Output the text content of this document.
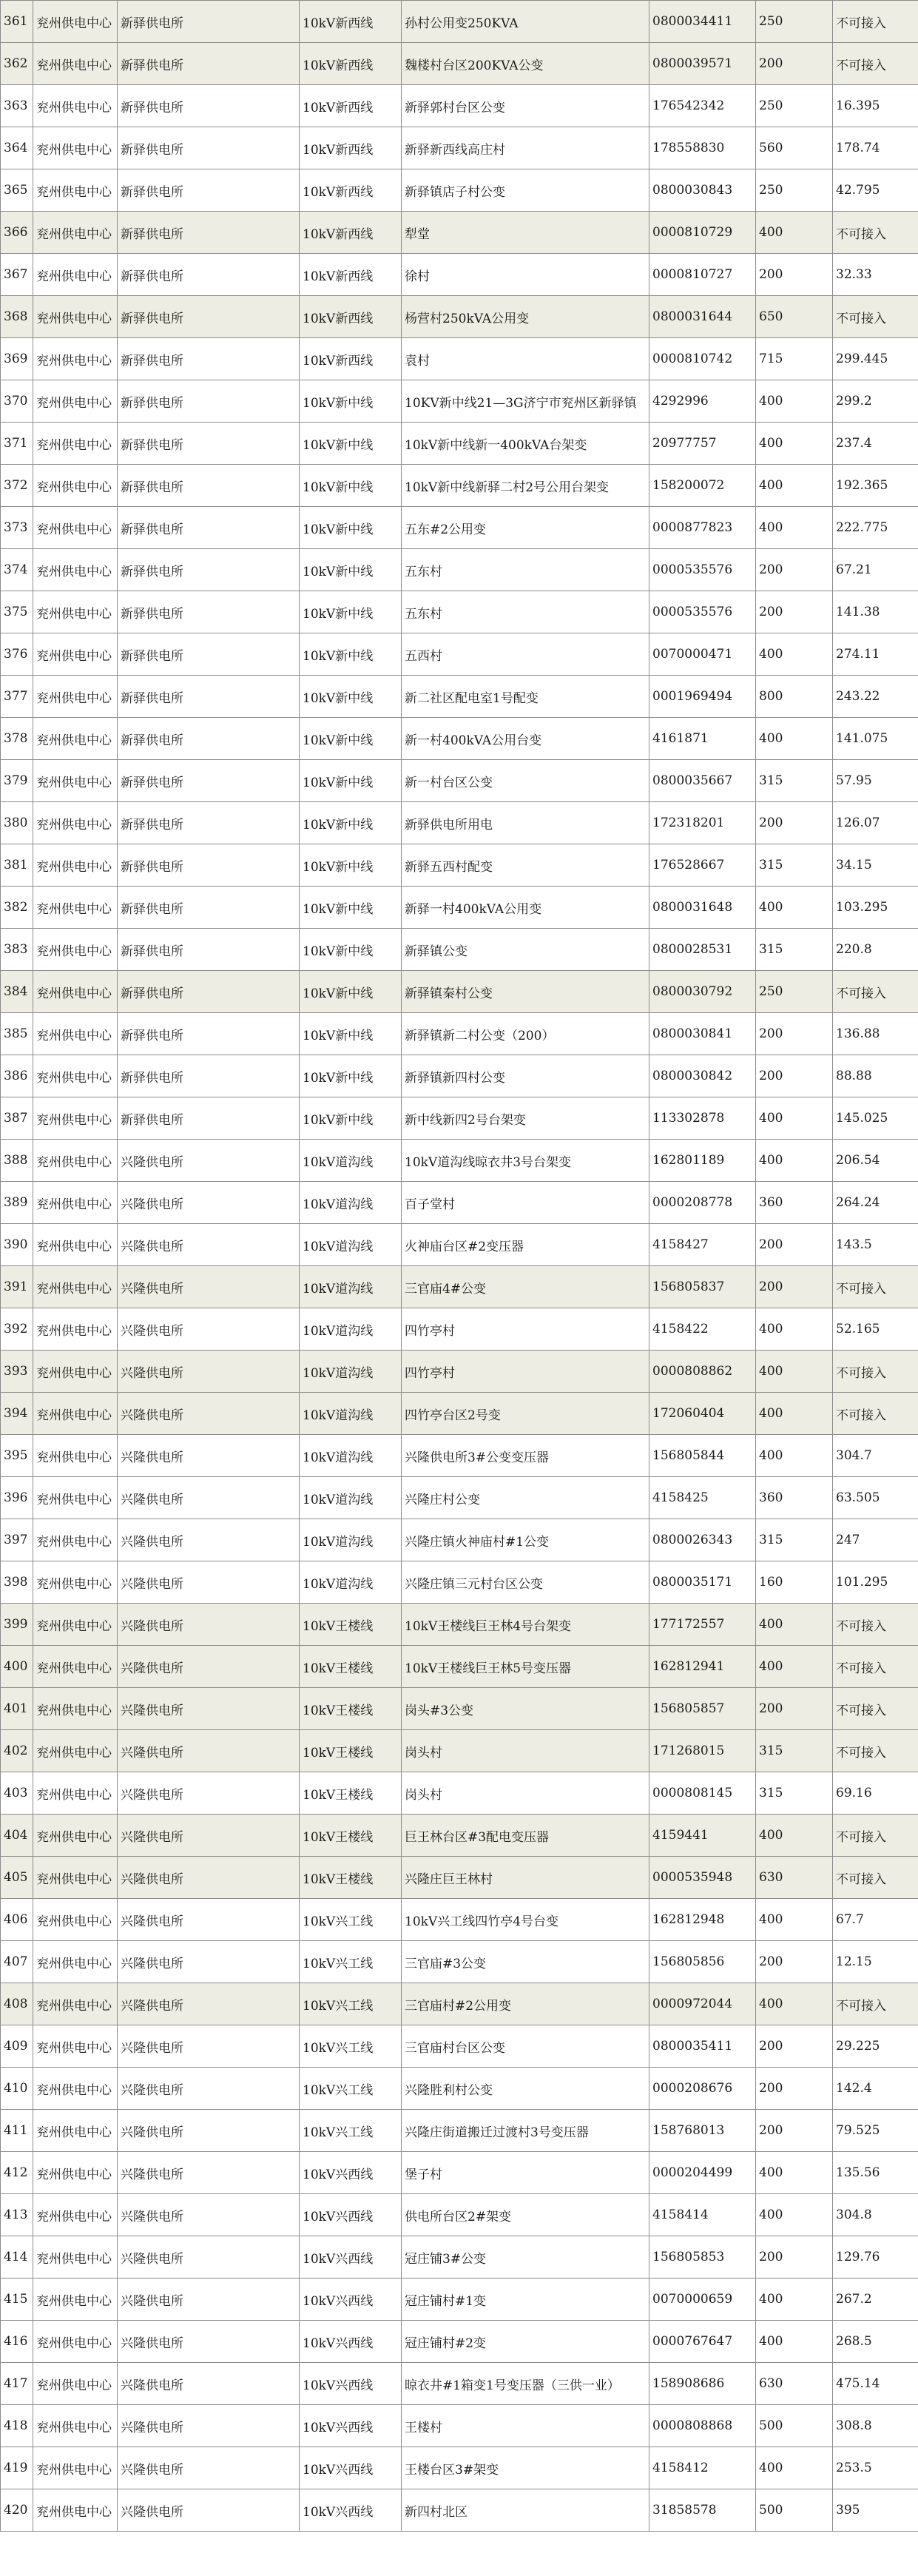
361	兖州供电中心	新驿供电所	10kV新西线	孙村公用变250KVA	0800034411	250	不可接入
362	兖州供电中心	新驿供电所	10kV新西线	魏楼村台区200KVA公变	0800039571	200	不可接入
363	兖州供电中心	新驿供电所	10kV新西线	新驿郭村台区公变	176542342	250	16.395
364	兖州供电中心	新驿供电所	10kV新西线	新驿新西线高庄村	178558830	560	178.74
365	兖州供电中心	新驿供电所	10kV新西线	新驿镇店子村公变	0800030843	250	42.795
366	兖州供电中心	新驿供电所	10kV新西线	犁堂	0000810729	400	不可接入
367	兖州供电中心	新驿供电所	10kV新西线	徐村	0000810727	200	32.33
368	兖州供电中心	新驿供电所	10kV新西线	杨营村250kVA公用变	0800031644	650	不可接入
369	兖州供电中心	新驿供电所	10kV新西线	袁村	0000810742	715	299.445
370	兖州供电中心	新驿供电所	10kV新中线	10KV新中线21—3G济宁市兖州区新驿镇	4292996	400	299.2
371	兖州供电中心	新驿供电所	10kV新中线	10kV新中线新一400kVA台架变	20977757	400	237.4
372	兖州供电中心	新驿供电所	10kV新中线	10kV新中线新驿二村2号公用台架变	158200072	400	192.365
373	兖州供电中心	新驿供电所	10kV新中线	五东#2公用变	0000877823	400	222.775
374	兖州供电中心	新驿供电所	10kV新中线	五东村	0000535576	200	67.21
375	兖州供电中心	新驿供电所	10kV新中线	五东村	0000535576	200	141.38
376	兖州供电中心	新驿供电所	10kV新中线	五西村	0070000471	400	274.11
377	兖州供电中心	新驿供电所	10kV新中线	新二社区配电室1号配变	0001969494	800	243.22
378	兖州供电中心	新驿供电所	10kV新中线	新一村400kVA公用台变	4161871	400	141.075
379	兖州供电中心	新驿供电所	10kV新中线	新一村台区公变	0800035667	315	57.95
380	兖州供电中心	新驿供电所	10kV新中线	新驿供电所用电	172318201	200	126.07
381	兖州供电中心	新驿供电所	10kV新中线	新驿五西村配变	176528667	315	34.15
382	兖州供电中心	新驿供电所	10kV新中线	新驿一村400kVA公用变	0800031648	400	103.295
383	兖州供电中心	新驿供电所	10kV新中线	新驿镇公变	0800028531	315	220.8
384	兖州供电中心	新驿供电所	10kV新中线	新驿镇秦村公变	0800030792	250	不可接入
385	兖州供电中心	新驿供电所	10kV新中线	新驿镇新二村公变（200）	0800030841	200	136.88
386	兖州供电中心	新驿供电所	10kV新中线	新驿镇新四村公变	0800030842	200	88.88
387	兖州供电中心	新驿供电所	10kV新中线	新中线新四2号台架变	113302878	400	145.025
388	兖州供电中心	兴隆供电所	10kV道沟线	10kV道沟线晾衣井3号台架变	162801189	400	206.54
389	兖州供电中心	兴隆供电所	10kV道沟线	百子堂村	0000208778	360	264.24
390	兖州供电中心	兴隆供电所	10kV道沟线	火神庙台区#2变压器	4158427	200	143.5
391	兖州供电中心	兴隆供电所	10kV道沟线	三官庙4#公变	156805837	200	不可接入
392	兖州供电中心	兴隆供电所	10kV道沟线	四竹亭村	4158422	400	52.165
393	兖州供电中心	兴隆供电所	10kV道沟线	四竹亭村	0000808862	400	不可接入
394	兖州供电中心	兴隆供电所	10kV道沟线	四竹亭台区2号变	172060404	400	不可接入
395	兖州供电中心	兴隆供电所	10kV道沟线	兴隆供电所3#公变变压器	156805844	400	304.7
396	兖州供电中心	兴隆供电所	10kV道沟线	兴隆庄村公变	4158425	360	63.505
397	兖州供电中心	兴隆供电所	10kV道沟线	兴隆庄镇火神庙村#1公变	0800026343	315	247
398	兖州供电中心	兴隆供电所	10kV道沟线	兴隆庄镇三元村台区公变	0800035171	160	101.295
399	兖州供电中心	兴隆供电所	10kV王楼线	10kV王楼线巨王林4号台架变	177172557	400	不可接入
400	兖州供电中心	兴隆供电所	10kV王楼线	10kV王楼线巨王林5号变压器	162812941	400	不可接入
401	兖州供电中心	兴隆供电所	10kV王楼线	岗头#3公变	156805857	200	不可接入
402	兖州供电中心	兴隆供电所	10kV王楼线	岗头村	171268015	315	不可接入
403	兖州供电中心	兴隆供电所	10kV王楼线	岗头村	0000808145	315	69.16
404	兖州供电中心	兴隆供电所	10kV王楼线	巨王林台区#3配电变压器	4159441	400	不可接入
405	兖州供电中心	兴隆供电所	10kV王楼线	兴隆庄巨王林村	0000535948	630	不可接入
406	兖州供电中心	兴隆供电所	10kV兴工线	10kV兴工线四竹亭4号台变	162812948	400	67.7
407	兖州供电中心	兴隆供电所	10kV兴工线	三官庙#3公变	156805856	200	12.15
408	兖州供电中心	兴隆供电所	10kV兴工线	三官庙村#2公用变	0000972044	400	不可接入
409	兖州供电中心	兴隆供电所	10kV兴工线	三官庙村台区公变	0800035411	200	29.225
410	兖州供电中心	兴隆供电所	10kV兴工线	兴隆胜利村公变	0000208676	200	142.4
411	兖州供电中心	兴隆供电所	10kV兴工线	兴隆庄街道搬迁过渡村3号变压器	158768013	200	79.525
412	兖州供电中心	兴隆供电所	10kV兴西线	堡子村	0000204499	400	135.56
413	兖州供电中心	兴隆供电所	10kV兴西线	供电所台区2#架变	4158414	400	304.8
414	兖州供电中心	兴隆供电所	10kV兴西线	冠庄铺3#公变	156805853	200	129.76
415	兖州供电中心	兴隆供电所	10kV兴西线	冠庄铺村#1变	0070000659	400	267.2
416	兖州供电中心	兴隆供电所	10kV兴西线	冠庄铺村#2变	0000767647	400	268.5
417	兖州供电中心	兴隆供电所	10kV兴西线	晾衣井#1箱变1号变压器（三供一业）	158908686	630	475.14
418	兖州供电中心	兴隆供电所	10kV兴西线	王楼村	0000808868	500	308.8
419	兖州供电中心	兴隆供电所	10kV兴西线	王楼台区3#架变	4158412	400	253.5
420	兖州供电中心	兴隆供电所	10kV兴西线	新四村北区	31858578	500	395
